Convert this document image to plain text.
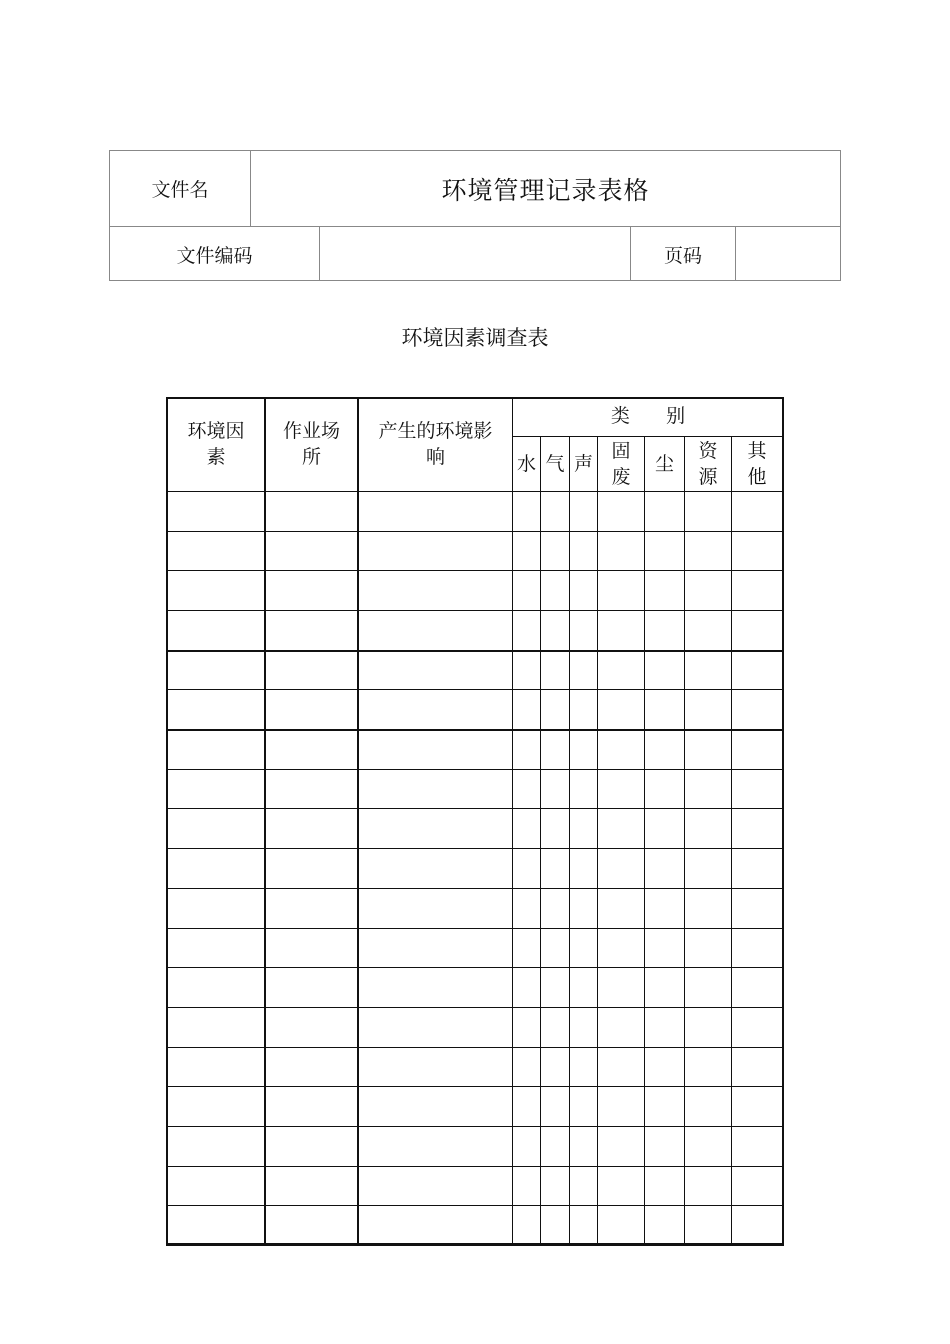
文件名	环境管理记录表格
文件编码	页码
环境因素调查表
环境因
素
作业场
所
产生的环境影
响
类      别
水 气 声
固
废
尘
资
源
其
他
